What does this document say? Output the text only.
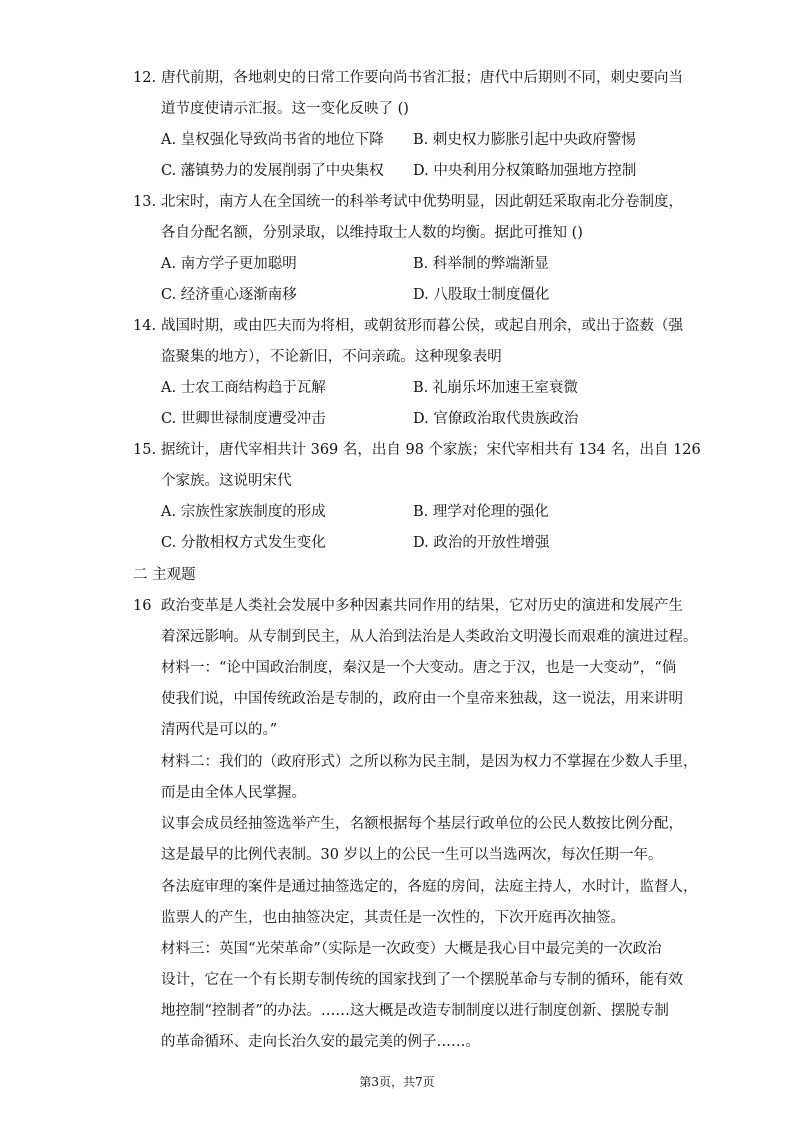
12. 唐代前期，各地刺史的日常工作要向尚书省汇报；唐代中后期则不同，刺史要向当
道节度使请示汇报。这一变化反映了 ()
A. 皇权强化导致尚书省的地位下降 B. 刺史权力膨胀引起中央政府警惕
C. 藩镇势力的发展削弱了中央集权 D. 中央利用分权策略加强地方控制
13. 北宋时，南方人在全国统一的科举考试中优势明显，因此朝廷采取南北分卷制度，
各自分配名额，分别录取，以维持取士人数的均衡。据此可推知 ()
A. 南方学子更加聪明	B. 科举制的弊端渐显
C. 经济重心逐渐南移	D. 八股取士制度僵化
14. 战国时期，或由匹夫而为将相，或朝贫形而暮公侯，或起自刑余，或出于盗薮（强
盗聚集的地方），不论新旧，不问亲疏。这种现象表明
A. 士农工商结构趋于瓦解	B. 礼崩乐坏加速王室衰微
C. 世卿世禄制度遭受冲击	D. 官僚政治取代贵族政治
15. 据统计，唐代宰相共计 369 名，出自 98 个家族；宋代宰相共有 134 名，出自 126
个家族。这说明宋代
A. 宗族性家族制度的形成	B. 理学对伦理的强化
C. 分散相权方式发生变化	D. 政治的开放性增强
二 主观题
16 政治变革是人类社会发展中多种因素共同作用的结果，它对历史的演进和发展产生
着深远影响。从专制到民主，从人治到法治是人类政治文明漫长而艰难的演进过程。
材料一：“论中国政治制度，秦汉是一个大变动。唐之于汉，也是一大变动”，“倘
使我们说，中国传统政治是专制的，政府由一个皇帝来独裁，这一说法，用来讲明
清两代是可以的。”
材料二：我们的（政府形式）之所以称为民主制，是因为权力不掌握在少数人手里，
而是由全体人民掌握。
议事会成员经抽签选举产生，名额根据每个基层行政单位的公民人数按比例分配，
这是最早的比例代表制。30 岁以上的公民一生可以当选两次，每次任期一年。
各法庭审理的案件是通过抽签选定的，各庭的房间，法庭主持人，水时计，监督人，
监票人的产生，也由抽签决定，其责任是一次性的，下次开庭再次抽签。
材料三：英国“光荣革命”（实际是一次政变）大概是我心目中最完美的一次政治
设计，它在一个有长期专制传统的国家找到了一个摆脱革命与专制的循环，能有效
地控制“控制者”的办法。……这大概是改造专制制度以进行制度创新、摆脱专制
的革命循环、走向长治久安的最完美的例子……。
第3页，共7页
